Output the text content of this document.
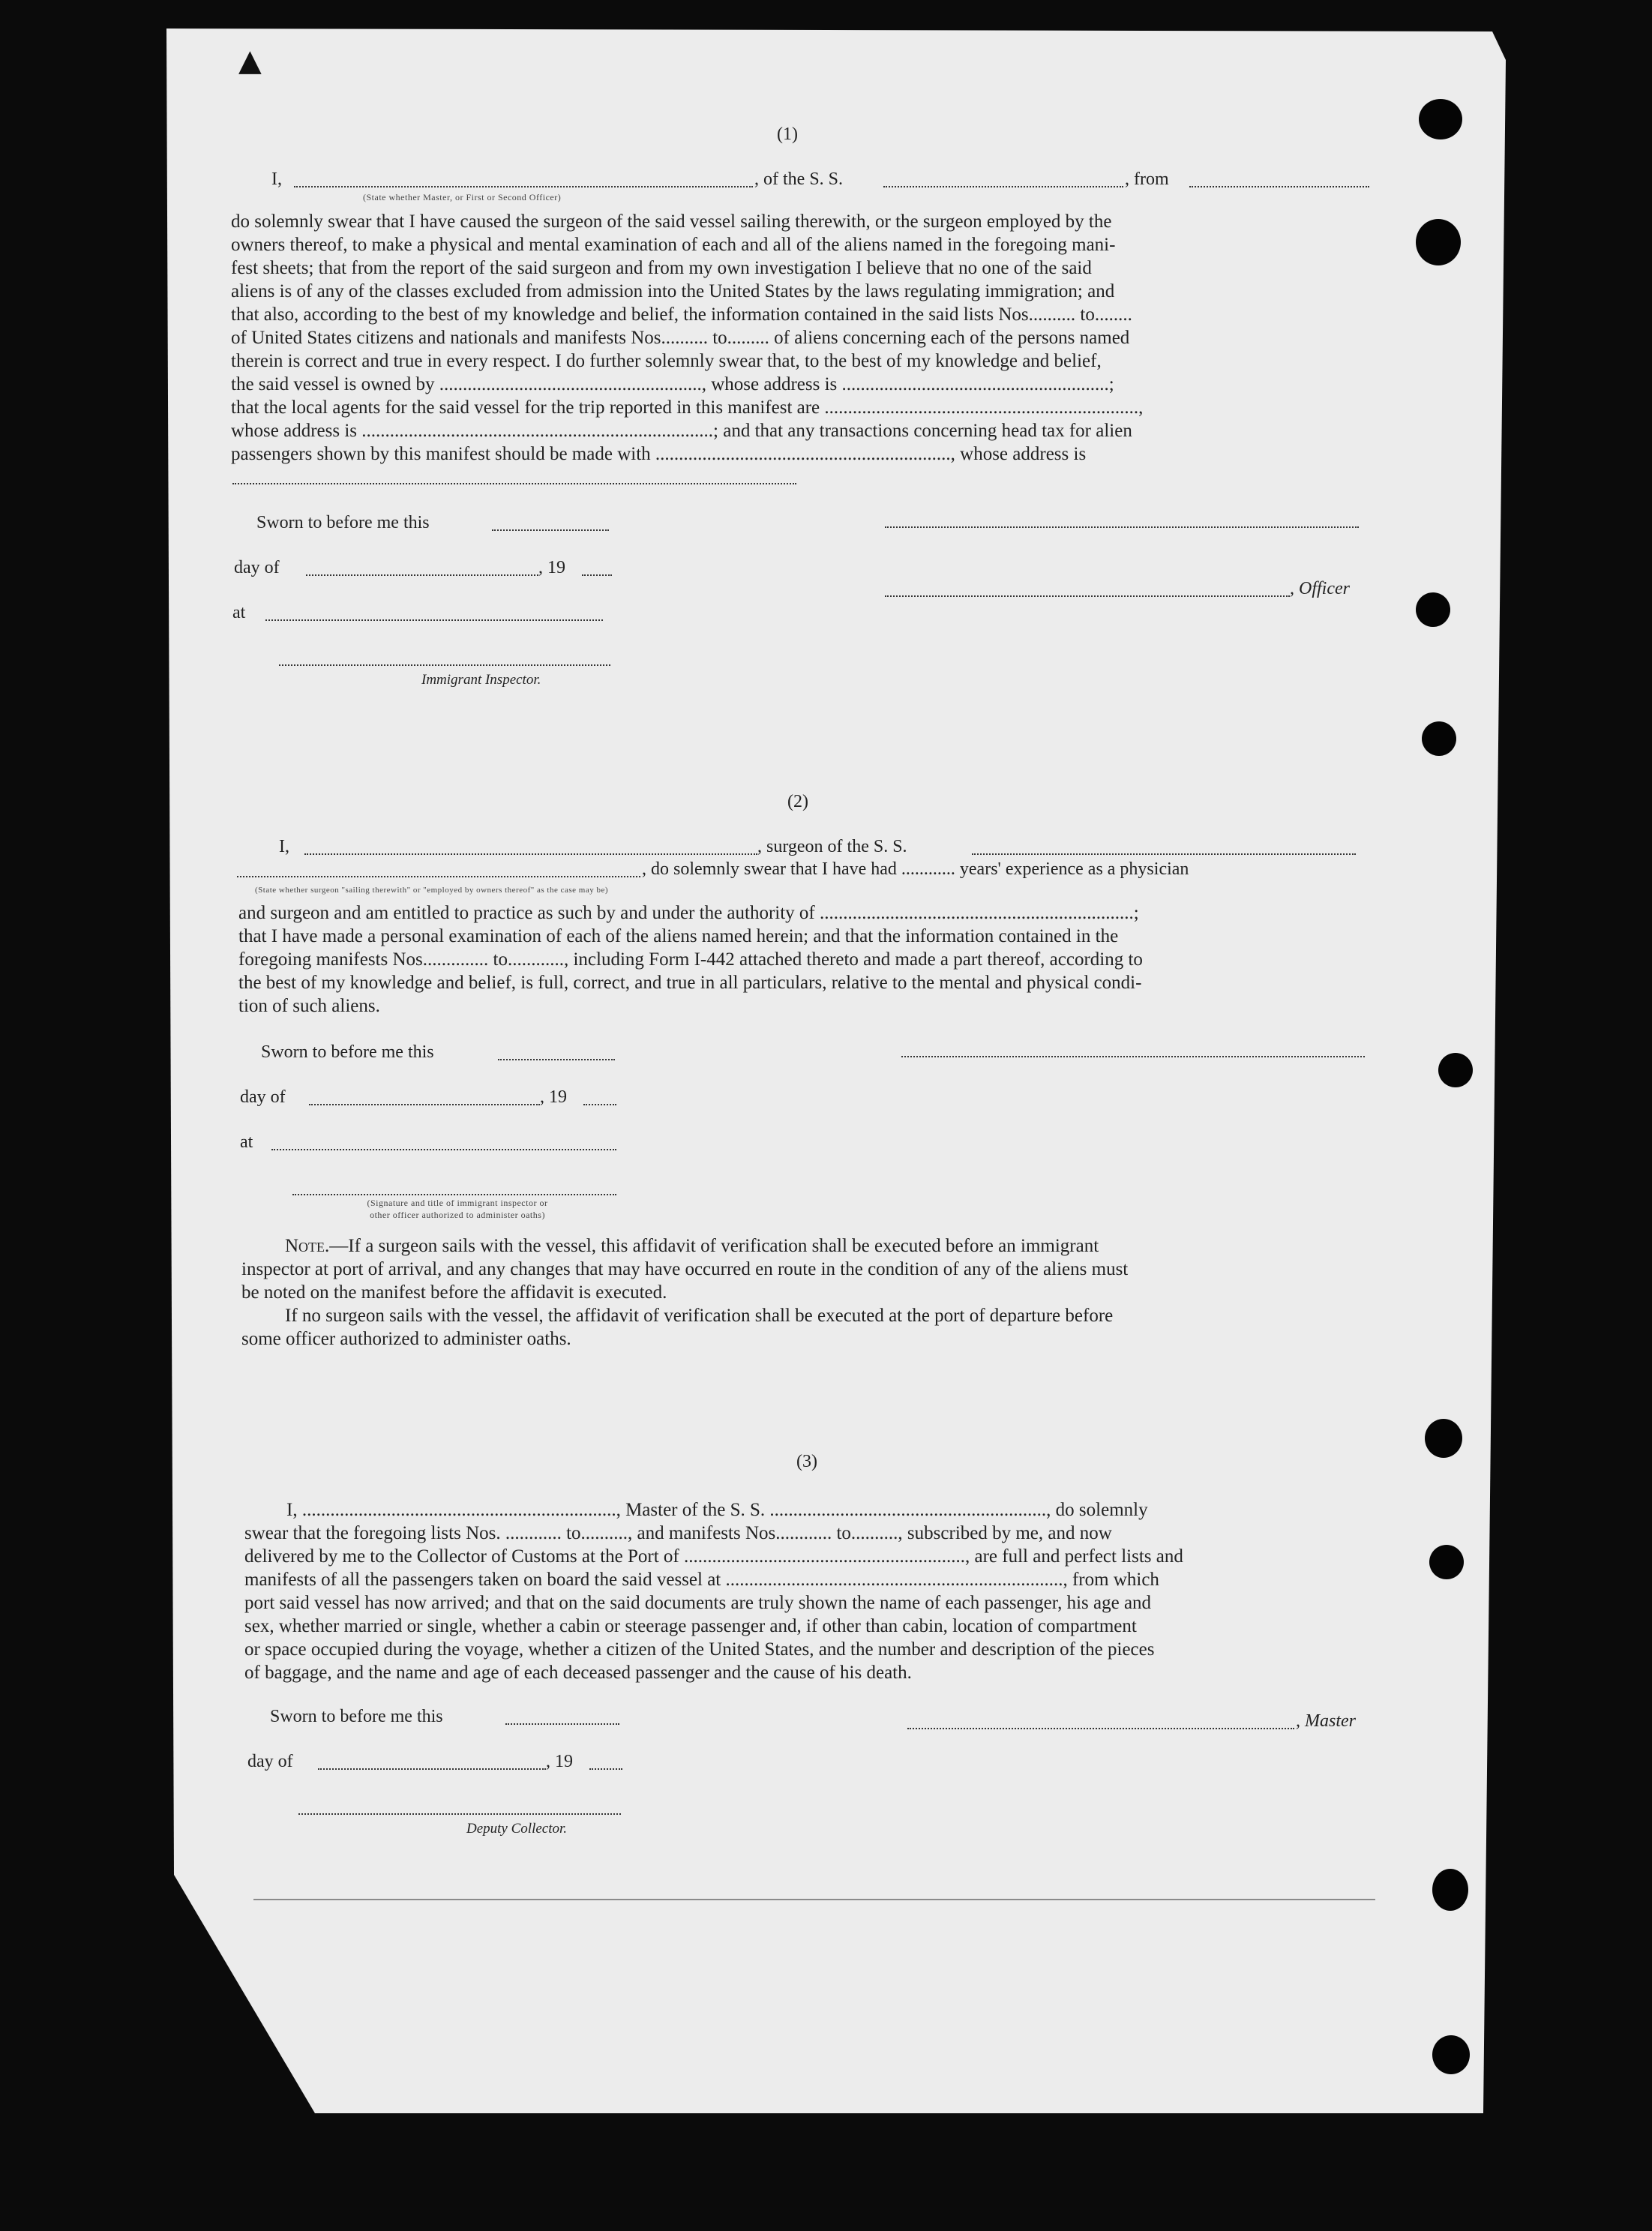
▲
(1)
I,	, of the S. S.	, from
(State whether Master, or First or Second Officer)
do solemnly swear that I have caused the surgeon of the said vessel sailing therewith, or the surgeon employed by the
owners thereof, to make a physical and mental examination of each and all of the aliens named in the foregoing mani-
fest sheets; that from the report of the said surgeon and from my own investigation I believe that no one of the said
aliens is of any of the classes excluded from admission into the United States by the laws regulating immigration; and
that also, according to the best of my knowledge and belief, the information contained in the said lists Nos.......... to........
of United States citizens and nationals and manifests Nos.......... to......... of aliens concerning each of the persons named
therein is correct and true in every respect. I do further solemnly swear that, to the best of my knowledge and belief,
the said vessel is owned by ........................................................, whose address is .........................................................;
that the local agents for the said vessel for the trip reported in this manifest are ...................................................................,
whose address is ...........................................................................; and that any transactions concerning head tax for alien
passengers shown by this manifest should be made with ..............................................................., whose address is
Sworn to before me this
day of	, 19
, Officer
at
Immigrant Inspector.
(2)
I,	, surgeon of the S. S.
, do solemnly swear that I have had ............ years' experience as a physician
(State whether surgeon "sailing therewith" or "employed by owners thereof" as the case may be)
and surgeon and am entitled to practice as such by and under the authority of ...................................................................;
that I have made a personal examination of each of the aliens named herein; and that the information contained in the
foregoing manifests Nos.............. to............, including Form I-442 attached thereto and made a part thereof, according to
the best of my knowledge and belief, is full, correct, and true in all particulars, relative to the mental and physical condi-
tion of such aliens.
Sworn to before me this
day of	, 19
at
(Signature and title of immigrant inspector or
other officer authorized to administer oaths)
Note.—If a surgeon sails with the vessel, this affidavit of verification shall be executed before an immigrant
inspector at port of arrival, and any changes that may have occurred en route in the condition of any of the aliens must
be noted on the manifest before the affidavit is executed.
If no surgeon sails with the vessel, the affidavit of verification shall be executed at the port of departure before
some officer authorized to administer oaths.
(3)
I, ..................................................................., Master of the S. S. ..........................................................., do solemnly
swear that the foregoing lists Nos. ............ to.........., and manifests Nos............ to.........., subscribed by me, and now
delivered by me to the Collector of Customs at the Port of ............................................................, are full and perfect lists and
manifests of all the passengers taken on board the said vessel at ........................................................................, from which
port said vessel has now arrived; and that on the said documents are truly shown the name of each passenger, his age and
sex, whether married or single, whether a cabin or steerage passenger and, if other than cabin, location of compartment
or space occupied during the voyage, whether a citizen of the United States, and the number and description of the pieces
of baggage, and the name and age of each deceased passenger and the cause of his death.
Sworn to before me this	, Master
day of	, 19
Deputy Collector.
